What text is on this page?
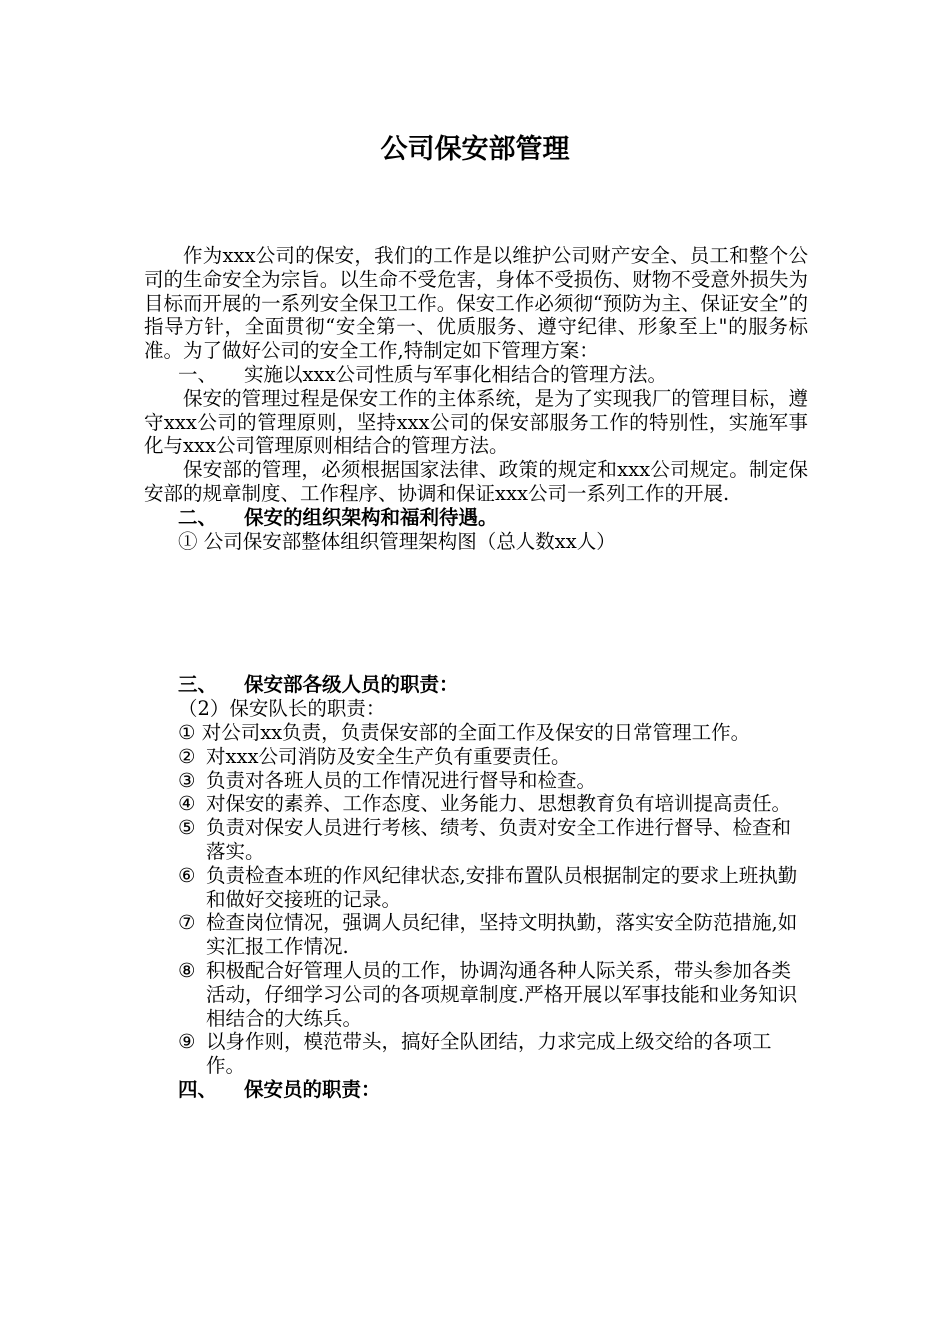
公司保安部管理

作为xxx公司的保安，我们的工作是以维护公司财产安全、员工和整个公司的生命安全为宗旨。以生命不受危害，身体不受损伤、财物不受意外损失为目标而开展的一系列安全保卫工作。保安工作必须彻“预防为主、保证安全”的指导方针，全面贯彻“安全第一、优质服务、遵守纪律、形象至上"的服务标准。为了做好公司的安全工作,特制定如下管理方案：

一、 实施以xxx公司性质与军事化相结合的管理方法。

保安的管理过程是保安工作的主体系统，是为了实现我厂的管理目标，遵守xxx公司的管理原则，坚持xxx公司的保安部服务工作的特别性，实施军事化与xxx公司管理原则相结合的管理方法。

保安部的管理，必须根据国家法律、政策的规定和xxx公司规定。制定保安部的规章制度、工作程序、协调和保证xxx公司一系列工作的开展.

二、 保安的组织架构和福利待遇。

① 公司保安部整体组织管理架构图（总人数xx人）

三、 保安部各级人员的职责：

（2）保安队长的职责：

① 对公司xx负责，负责保安部的全面工作及保安的日常管理工作。

② 对xxx公司消防及安全生产负有重要责任。

③ 负责对各班人员的工作情况进行督导和检查。

④ 对保安的素养、工作态度、业务能力、思想教育负有培训提高责任。

⑤ 负责对保安人员进行考核、绩考、负责对安全工作进行督导、检查和落实。

⑥ 负责检查本班的作风纪律状态,安排布置队员根据制定的要求上班执勤和做好交接班的记录。

⑦ 检查岗位情况，强调人员纪律，坚持文明执勤，落实安全防范措施,如实汇报工作情况.

⑧ 积极配合好管理人员的工作，协调沟通各种人际关系，带头参加各类活动，仔细学习公司的各项规章制度.严格开展以军事技能和业务知识相结合的大练兵。

⑨ 以身作则，模范带头，搞好全队团结，力求完成上级交给的各项工作。

四、 保安员的职责：
